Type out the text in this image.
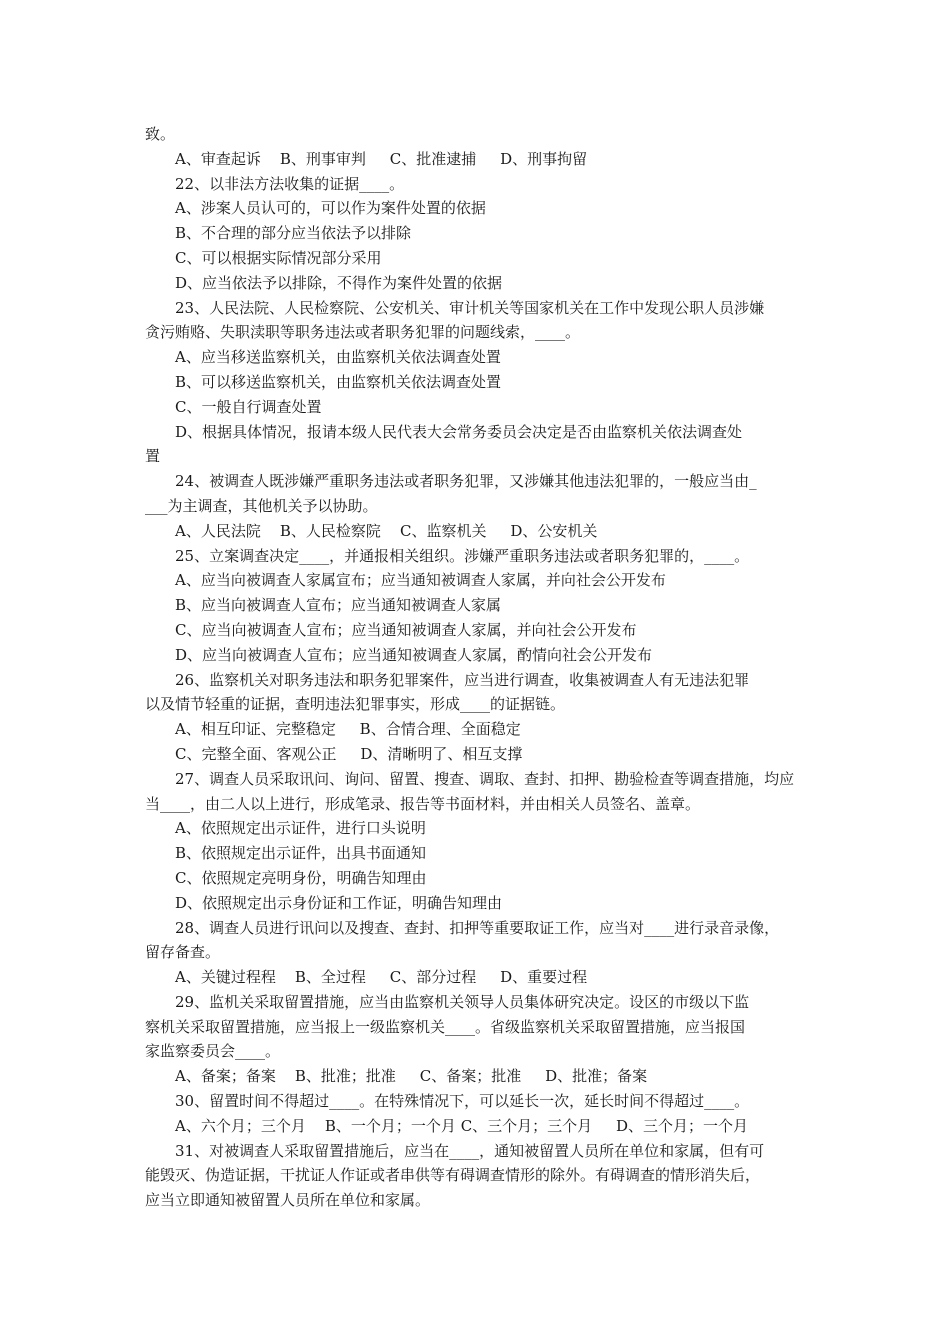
致。
A、审查起诉    B、刑事审判     C、批准逮捕     D、刑事拘留
22、以非法方法收集的证据____。
A、涉案人员认可的，可以作为案件处置的依据
B、不合理的部分应当依法予以排除
C、可以根据实际情况部分采用
D、应当依法予以排除，不得作为案件处置的依据
23、人民法院、人民检察院、公安机关、审计机关等国家机关在工作中发现公职人员涉嫌
贪污贿赂、失职渎职等职务违法或者职务犯罪的问题线索，____。
A、应当移送监察机关，由监察机关依法调查处置
B、可以移送监察机关，由监察机关依法调查处置
C、一般自行调查处置
D、根据具体情况，报请本级人民代表大会常务委员会决定是否由监察机关依法调查处
置
24、被调查人既涉嫌严重职务违法或者职务犯罪，又涉嫌其他违法犯罪的，一般应当由_
___为主调查，其他机关予以协助。
A、人民法院    B、人民检察院    C、监察机关     D、公安机关
25、立案调查决定____，并通报相关组织。涉嫌严重职务违法或者职务犯罪的，____。
A、应当向被调查人家属宣布；应当通知被调查人家属，并向社会公开发布
B、应当向被调查人宣布；应当通知被调查人家属
C、应当向被调查人宣布；应当通知被调查人家属，并向社会公开发布
D、应当向被调查人宣布；应当通知被调查人家属，酌情向社会公开发布
26、监察机关对职务违法和职务犯罪案件，应当进行调查，收集被调查人有无违法犯罪
以及情节轻重的证据，查明违法犯罪事实，形成____的证据链。
A、相互印证、完整稳定     B、合情合理、全面稳定
C、完整全面、客观公正     D、清晰明了、相互支撑
27、调查人员采取讯问、询问、留置、搜查、调取、查封、扣押、勘验检查等调查措施，均应
当____，由二人以上进行，形成笔录、报告等书面材料，并由相关人员签名、盖章。
A、依照规定出示证件，进行口头说明
B、依照规定出示证件，出具书面通知
C、依照规定亮明身份，明确告知理由
D、依照规定出示身份证和工作证，明确告知理由
28、调查人员进行讯问以及搜查、查封、扣押等重要取证工作，应当对____进行录音录像，
留存备查。
A、关键过程程    B、全过程     C、部分过程     D、重要过程
29、监机关采取留置措施，应当由监察机关领导人员集体研究决定。设区的市级以下监
察机关采取留置措施，应当报上一级监察机关____。省级监察机关采取留置措施，应当报国
家监察委员会____。
A、备案；备案    B、批准；批准     C、备案；批准     D、批准；备案
30、留置时间不得超过____。在特殊情况下，可以延长一次，延长时间不得超过____。
A、六个月；三个月    B、一个月；一个月 C、三个月；三个月     D、三个月；一个月
31、对被调查人采取留置措施后，应当在____，通知被留置人员所在单位和家属，但有可
能毁灭、伪造证据，干扰证人作证或者串供等有碍调查情形的除外。有碍调查的情形消失后，
应当立即通知被留置人员所在单位和家属。
